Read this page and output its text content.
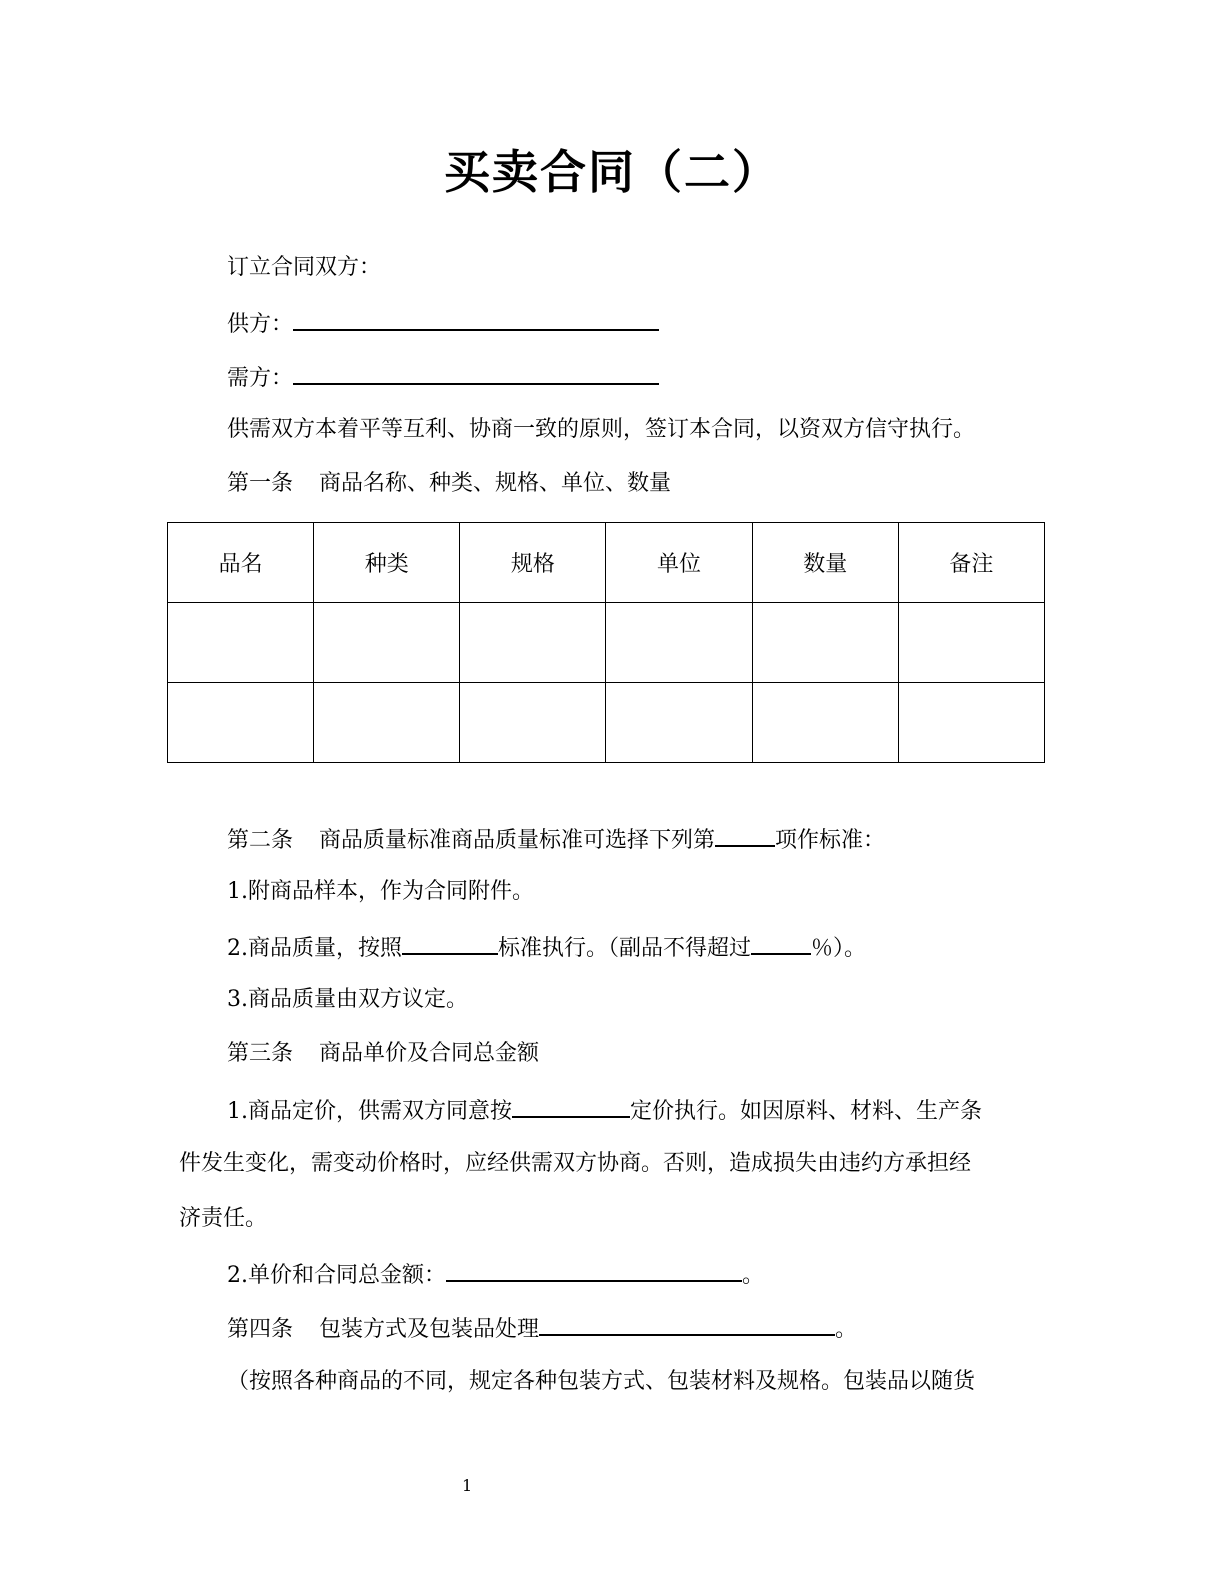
买卖合同（二）
订立合同双方：
供方：
需方：
供需双方本着平等互利、协商一致的原则，签订本合同，以资双方信守执行。
第一条 商品名称、种类、规格、单位、数量
品名	种类	规格	单位	数量	备注

第二条 商品质量标准商品质量标准可选择下列第	项作标准：
1.附商品样本，作为合同附件。
2.商品质量，按照	标准执行。（副品不得超过	％）。
3.商品质量由双方议定。
第三条 商品单价及合同总金额
1.商品定价，供需双方同意按	定价执行。如因原料、材料、生产条
件发生变化，需变动价格时，应经供需双方协商。否则，造成损失由违约方承担经
济责任。
2.单价和合同总金额：	。
第四条 包装方式及包装品处理	。
（按照各种商品的不同，规定各种包装方式、包装材料及规格。包装品以随货
1
